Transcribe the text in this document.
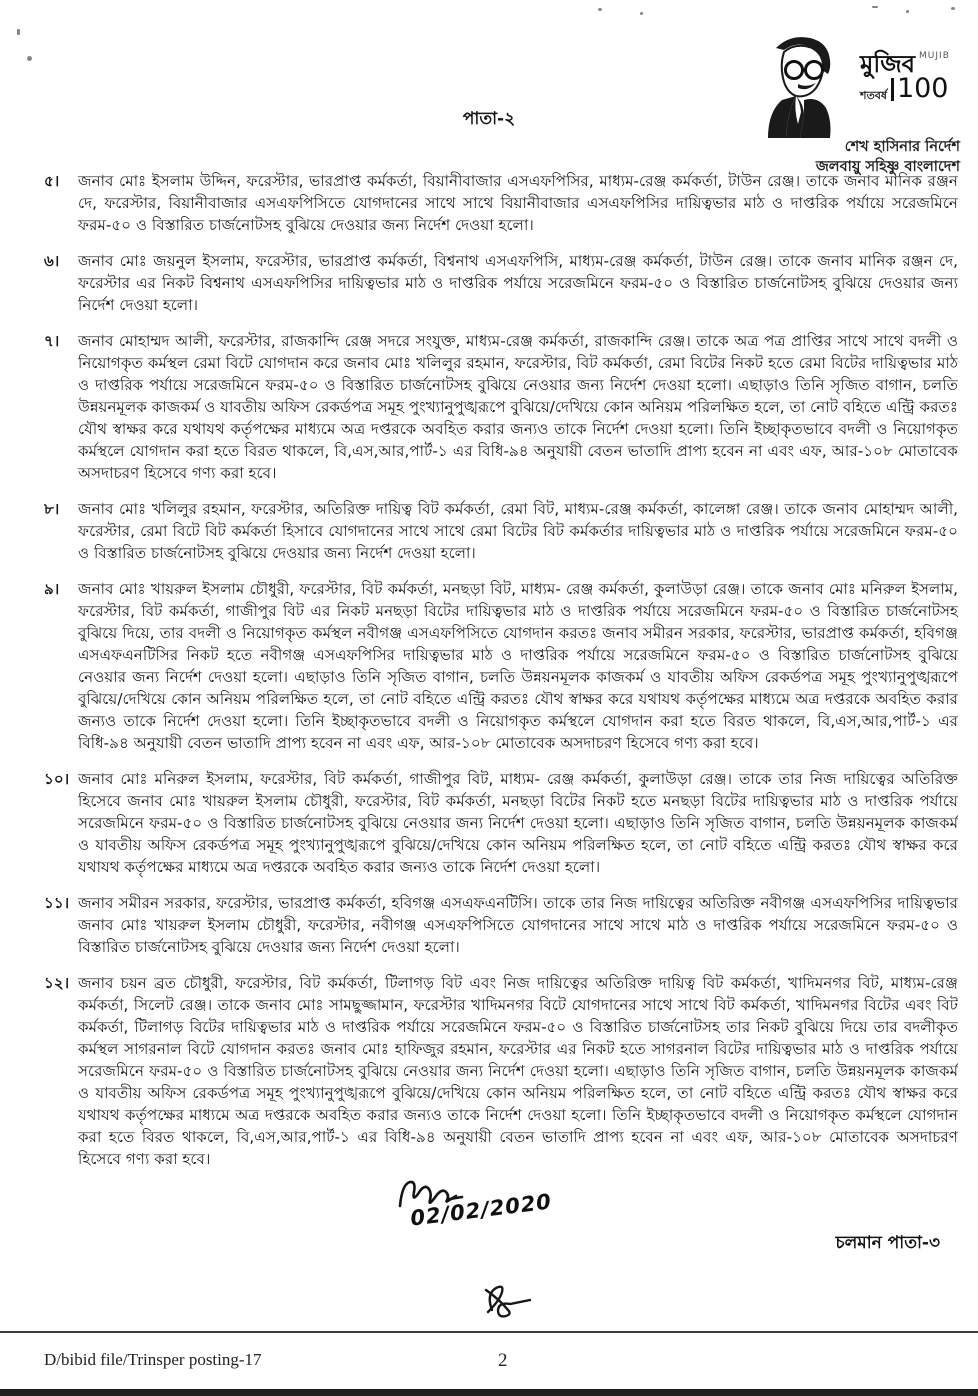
মুজিব $^{MUJIB}$
শতবর্ষ 100
শেখ হাসিনার নির্দেশ
জলবায়ু সহিষ্ণু বাংলাদেশ
পাতা-২
৫।	জনাব মোঃ ইসলাম উদ্দিন, ফরেস্টার, ভারপ্রাপ্ত কর্মকর্তা, বিয়ানীবাজার এসএফপিসির, মাধ্যম-রেঞ্জ কর্মকর্তা, টাউন রেঞ্জ। তাকে জনাব মানিক রঞ্জন দে, ফরেস্টার, বিয়ানীবাজার এসএফপিসিতে যোগদানের সাথে সাথে বিয়ানীবাজার এসএফপিসির দায়িত্বভার মাঠ ও দাপ্তরিক পর্যায়ে সরেজমিনে ফরম-৫০ ও বিস্তারিত চার্জনোটসহ বুঝিয়ে দেওয়ার জন্য নির্দেশ দেওয়া হলো।
৬।	জনাব মোঃ জয়নুল ইসলাম, ফরেস্টার, ভারপ্রাপ্ত কর্মকর্তা, বিশ্বনাথ এসএফপিসি, মাধ্যম-রেঞ্জ কর্মকর্তা, টাউন রেঞ্জ। তাকে জনাব মানিক রঞ্জন দে, ফরেস্টার এর নিকট বিশ্বনাথ এসএফপিসির দায়িত্বভার মাঠ ও দাপ্তরিক পর্যায়ে সরেজমিনে ফরম-৫০ ও বিস্তারিত চার্জনোটসহ বুঝিয়ে দেওয়ার জন্য নির্দেশ দেওয়া হলো।
৭।	জনাব মোহাম্মদ আলী, ফরেস্টার, রাজকান্দি রেঞ্জ সদরে সংযুক্ত, মাধ্যম-রেঞ্জ কর্মকর্তা, রাজকান্দি রেঞ্জ। তাকে অত্র পত্র প্রাপ্তির সাথে সাথে বদলী ও নিয়োগকৃত কর্মস্থল রেমা বিটে যোগদান করে জনাব মোঃ খলিলুর রহমান, ফরেস্টার, বিট কর্মকর্তা, রেমা বিটের নিকট হতে রেমা বিটের দায়িত্বভার মাঠ ও দাপ্তরিক পর্যায়ে সরেজমিনে ফরম-৫০ ও বিস্তারিত চার্জনোটসহ বুঝিয়ে নেওয়ার জন্য নির্দেশ দেওয়া হলো। এছাড়াও তিনি সৃজিত বাগান, চলতি উন্নয়নমূলক কাজকর্ম ও যাবতীয় অফিস রেকর্ডপত্র সমূহ পুংখ্যানুপুঙ্খরূপে বুঝিয়ে/দেখিয়ে কোন অনিয়ম পরিলক্ষিত হলে, তা নোট বহিতে এন্ট্রি করতঃ যৌথ স্বাক্ষর করে যথাযথ কর্তৃপক্ষের মাধ্যমে অত্র দপ্তরকে অবহিত করার জন্যও তাকে নির্দেশ দেওয়া হলো। তিনি ইচ্ছাকৃতভাবে বদলী ও নিয়োগকৃত কর্মস্থলে যোগদান করা হতে বিরত থাকলে, বি,এস,আর,পার্ট-১ এর বিধি-৯৪ অনুযায়ী বেতন ভাতাদি প্রাপ্য হবেন না এবং এফ, আর-১০৮ মোতাবেক অসদাচরণ হিসেবে গণ্য করা হবে।
৮।	জনাব মোঃ খলিলুর রহমান, ফরেস্টার, অতিরিক্ত দায়িত্ব বিট কর্মকর্তা, রেমা বিট, মাধ্যম-রেঞ্জ কর্মকর্তা, কালেঙ্গা রেঞ্জ। তাকে জনাব মোহাম্মদ আলী, ফরেস্টার, রেমা বিটে বিট কর্মকর্তা হিসাবে যোগদানের সাথে সাথে রেমা বিটের বিট কর্মকর্তার দায়িত্বভার মাঠ ও দাপ্তরিক পর্যায়ে সরেজমিনে ফরম-৫০ ও বিস্তারিত চার্জনোটসহ বুঝিয়ে দেওয়ার জন্য নির্দেশ দেওয়া হলো।
৯।	জনাব মোঃ খায়রুল ইসলাম চৌধুরী, ফরেস্টার, বিট কর্মকর্তা, মনছড়া বিট, মাধ্যম- রেঞ্জ কর্মকর্তা, কুলাউড়া রেঞ্জ। তাকে জনাব মোঃ মনিরুল ইসলাম, ফরেস্টার, বিট কর্মকর্তা, গাজীপুর বিট এর নিকট মনছড়া বিটের দায়িত্বভার মাঠ ও দাপ্তরিক পর্যায়ে সরেজমিনে ফরম-৫০ ও বিস্তারিত চার্জনোটসহ বুঝিয়ে দিয়ে, তার বদলী ও নিয়োগকৃত কর্মস্থল নবীগঞ্জ এসএফপিসিতে যোগদান করতঃ জনাব সমীরন সরকার, ফরেস্টার, ভারপ্রাপ্ত কর্মকর্তা, হবিগঞ্জ এসএফএনটিসির নিকট হতে নবীগঞ্জ এসএফপিসির দায়িত্বভার মাঠ ও দাপ্তরিক পর্যায়ে সরেজমিনে ফরম-৫০ ও বিস্তারিত চার্জনোটসহ বুঝিয়ে নেওয়ার জন্য নির্দেশ দেওয়া হলো। এছাড়াও তিনি সৃজিত বাগান, চলতি উন্নয়নমূলক কাজকর্ম ও যাবতীয় অফিস রেকর্ডপত্র সমূহ পুংখ্যানুপুঙ্খরূপে বুঝিয়ে/দেখিয়ে কোন অনিয়ম পরিলক্ষিত হলে, তা নোট বহিতে এন্ট্রি করতঃ যৌথ স্বাক্ষর করে যথাযথ কর্তৃপক্ষের মাধ্যমে অত্র দপ্তরকে অবহিত করার জন্যও তাকে নির্দেশ দেওয়া হলো। তিনি ইচ্ছাকৃতভাবে বদলী ও নিয়োগকৃত কর্মস্থলে যোগদান করা হতে বিরত থাকলে, বি,এস,আর,পার্ট-১ এর বিধি-৯৪ অনুযায়ী বেতন ভাতাদি প্রাপ্য হবেন না এবং এফ, আর-১০৮ মোতাবেক অসদাচরণ হিসেবে গণ্য করা হবে।
১০। জনাব মোঃ মনিরুল ইসলাম, ফরেস্টার, বিট কর্মকর্তা, গাজীপুর বিট, মাধ্যম- রেঞ্জ কর্মকর্তা, কুলাউড়া রেঞ্জ। তাকে তার নিজ দায়িত্বের অতিরিক্ত হিসেবে জনাব মোঃ খায়রুল ইসলাম চৌধুরী, ফরেস্টার, বিট কর্মকর্তা, মনছড়া বিটের নিকট হতে মনছড়া বিটের দায়িত্বভার মাঠ ও দাপ্তরিক পর্যায়ে সরেজমিনে ফরম-৫০ ও বিস্তারিত চার্জনোটসহ বুঝিয়ে নেওয়ার জন্য নির্দেশ দেওয়া হলো। এছাড়াও তিনি সৃজিত বাগান, চলতি উন্নয়নমূলক কাজকর্ম ও যাবতীয় অফিস রেকর্ডপত্র সমূহ পুংখ্যানুপুঙ্খরূপে বুঝিয়ে/দেখিয়ে কোন অনিয়ম পরিলক্ষিত হলে, তা নোট বহিতে এন্ট্রি করতঃ যৌথ স্বাক্ষর করে যথাযথ কর্তৃপক্ষের মাধ্যমে অত্র দপ্তরকে অবহিত করার জন্যও তাকে নির্দেশ দেওয়া হলো।
১১। জনাব সমীরন সরকার, ফরেস্টার, ভারপ্রাপ্ত কর্মকর্তা, হবিগঞ্জ এসএফএনটিসি। তাকে তার নিজ দায়িত্বের অতিরিক্ত নবীগঞ্জ এসএফপিসির দায়িত্বভার জনাব মোঃ খায়রুল ইসলাম চৌধুরী, ফরেস্টার, নবীগঞ্জ এসএফপিসিতে যোগদানের সাথে সাথে মাঠ ও দাপ্তরিক পর্যায়ে সরেজমিনে ফরম-৫০ ও বিস্তারিত চার্জনোটসহ বুঝিয়ে দেওয়ার জন্য নির্দেশ দেওয়া হলো।
১২। জনাব চয়ন ব্রত চৌধুরী, ফরেস্টার, বিট কর্মকর্তা, টিলাগড় বিট এবং নিজ দায়িত্বের অতিরিক্ত দায়িত্ব বিট কর্মকর্তা, খাদিমনগর বিট, মাধ্যম-রেঞ্জ কর্মকর্তা, সিলেট রেঞ্জ। তাকে জনাব মোঃ সামছুজ্জামান, ফরেস্টার খাদিমনগর বিটে যোগদানের সাথে সাথে বিট কর্মকর্তা, খাদিমনগর বিটের এবং বিট কর্মকর্তা, টিলাগড় বিটের দায়িত্বভার মাঠ ও দাপ্তরিক পর্যায়ে সরেজমিনে ফরম-৫০ ও বিস্তারিত চার্জনোটসহ তার নিকট বুঝিয়ে দিয়ে তার বদলীকৃত কর্মস্থল সাগরনাল বিটে যোগদান করতঃ জনাব মোঃ হাফিজুর রহমান, ফরেস্টার এর নিকট হতে সাগরনাল বিটের দায়িত্বভার মাঠ ও দাপ্তরিক পর্যায়ে সরেজমিনে ফরম-৫০ ও বিস্তারিত চার্জনোটসহ বুঝিয়ে নেওয়ার জন্য নির্দেশ দেওয়া হলো। এছাড়াও তিনি সৃজিত বাগান, চলতি উন্নয়নমূলক কাজকর্ম ও যাবতীয় অফিস রেকর্ডপত্র সমূহ পুংখ্যানুপুঙ্খরূপে বুঝিয়ে/দেখিয়ে কোন অনিয়ম পরিলক্ষিত হলে, তা নোট বহিতে এন্ট্রি করতঃ যৌথ স্বাক্ষর করে যথাযথ কর্তৃপক্ষের মাধ্যমে অত্র দপ্তরকে অবহিত করার জন্যও তাকে নির্দেশ দেওয়া হলো। তিনি ইচ্ছাকৃতভাবে বদলী ও নিয়োগকৃত কর্মস্থলে যোগদান করা হতে বিরত থাকলে, বি,এস,আর,পার্ট-১ এর বিধি-৯৪ অনুযায়ী বেতন ভাতাদি প্রাপ্য হবেন না এবং এফ, আর-১০৮ মোতাবেক অসদাচরণ হিসেবে গণ্য করা হবে।
02/02/2020
চলমান পাতা-৩
D/bibid file/Trinsper posting-17	2
